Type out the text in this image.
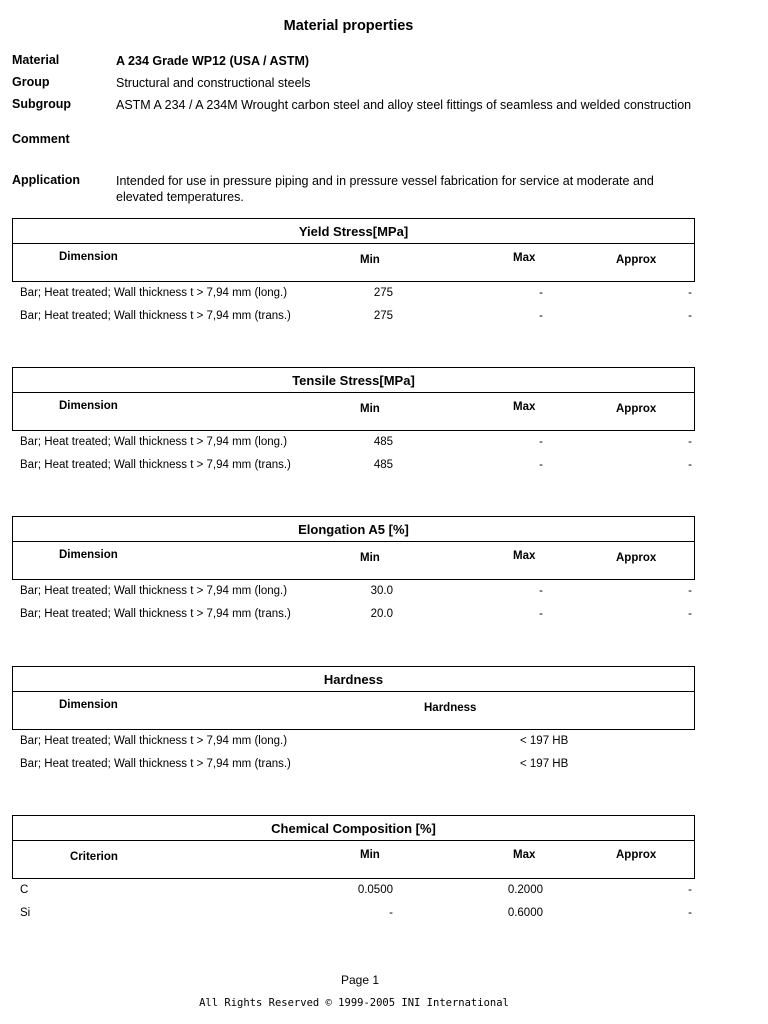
Material properties
Material	A 234 Grade WP12 (USA / ASTM)
Group	Structural and constructional steels
Subgroup	ASTM A 234 / A 234M Wrought carbon steel and alloy steel fittings of seamless and welded construction
Comment
Application	Intended for use in pressure piping and in pressure vessel fabrication for service at moderate and elevated temperatures.
Yield Stress[MPa]
Dimension	Min	Max	Approx
Bar; Heat treated; Wall thickness t > 7,94 mm (long.)	275	-	-
Bar; Heat treated; Wall thickness t > 7,94 mm (trans.)	275	-	-
Tensile Stress[MPa]
Dimension	Min	Max	Approx
Bar; Heat treated; Wall thickness t > 7,94 mm (long.)	485	-	-
Bar; Heat treated; Wall thickness t > 7,94 mm (trans.)	485	-	-
Elongation A5 [%]
Dimension	Min	Max	Approx
Bar; Heat treated; Wall thickness t > 7,94 mm (long.)	30.0	-	-
Bar; Heat treated; Wall thickness t > 7,94 mm (trans.)	20.0	-	-
Hardness
Dimension	Hardness
Bar; Heat treated; Wall thickness t > 7,94 mm (long.)	< 197 HB
Bar; Heat treated; Wall thickness t > 7,94 mm (trans.)	< 197 HB
Chemical Composition [%]
Criterion	Min	Max	Approx
C	0.0500	0.2000	-
Si	-	0.6000	-
Page 1
All Rights Reserved © 1999-2005 INI International
